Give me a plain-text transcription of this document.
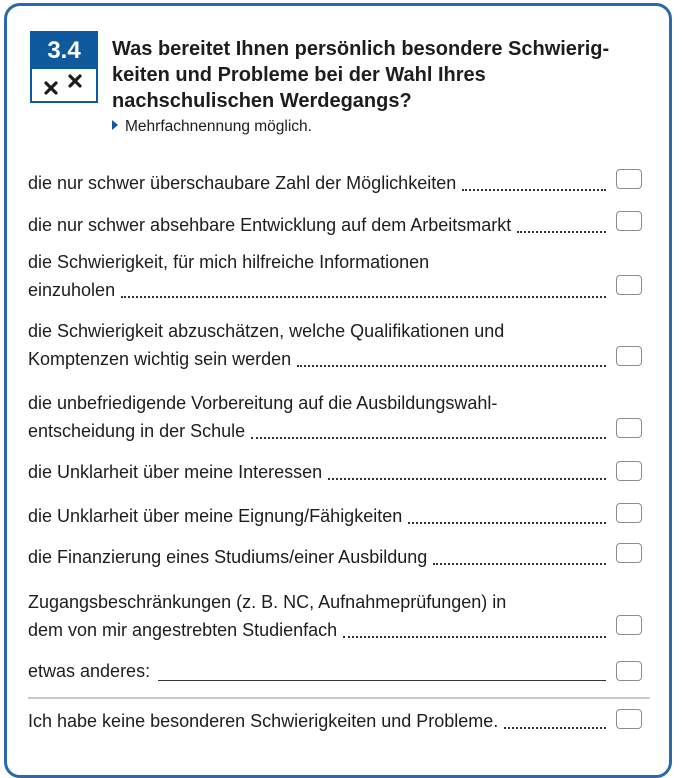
3.4	Was bereitet Ihnen persönlich besondere Schwierig-
keiten und Probleme bei der Wahl Ihres
nachschulischen Werdegangs?
Mehrfachnennung möglich.
die nur schwer überschaubare Zahl der Möglichkeiten
die nur schwer absehbare Entwicklung auf dem Arbeitsmarkt
die Schwierigkeit, für mich hilfreiche Informationen
einzuholen
die Schwierigkeit abzuschätzen, welche Qualifikationen und
Komptenzen wichtig sein werden
die unbefriedigende Vorbereitung auf die Ausbildungswahl-
entscheidung in der Schule
die Unklarheit über meine Interessen
die Unklarheit über meine Eignung/Fähigkeiten
die Finanzierung eines Studiums/einer Ausbildung
Zugangsbeschränkungen (z. B. NC, Aufnahmeprüfungen) in
dem von mir angestrebten Studienfach
etwas anderes:
Ich habe keine besonderen Schwierigkeiten und Probleme.
